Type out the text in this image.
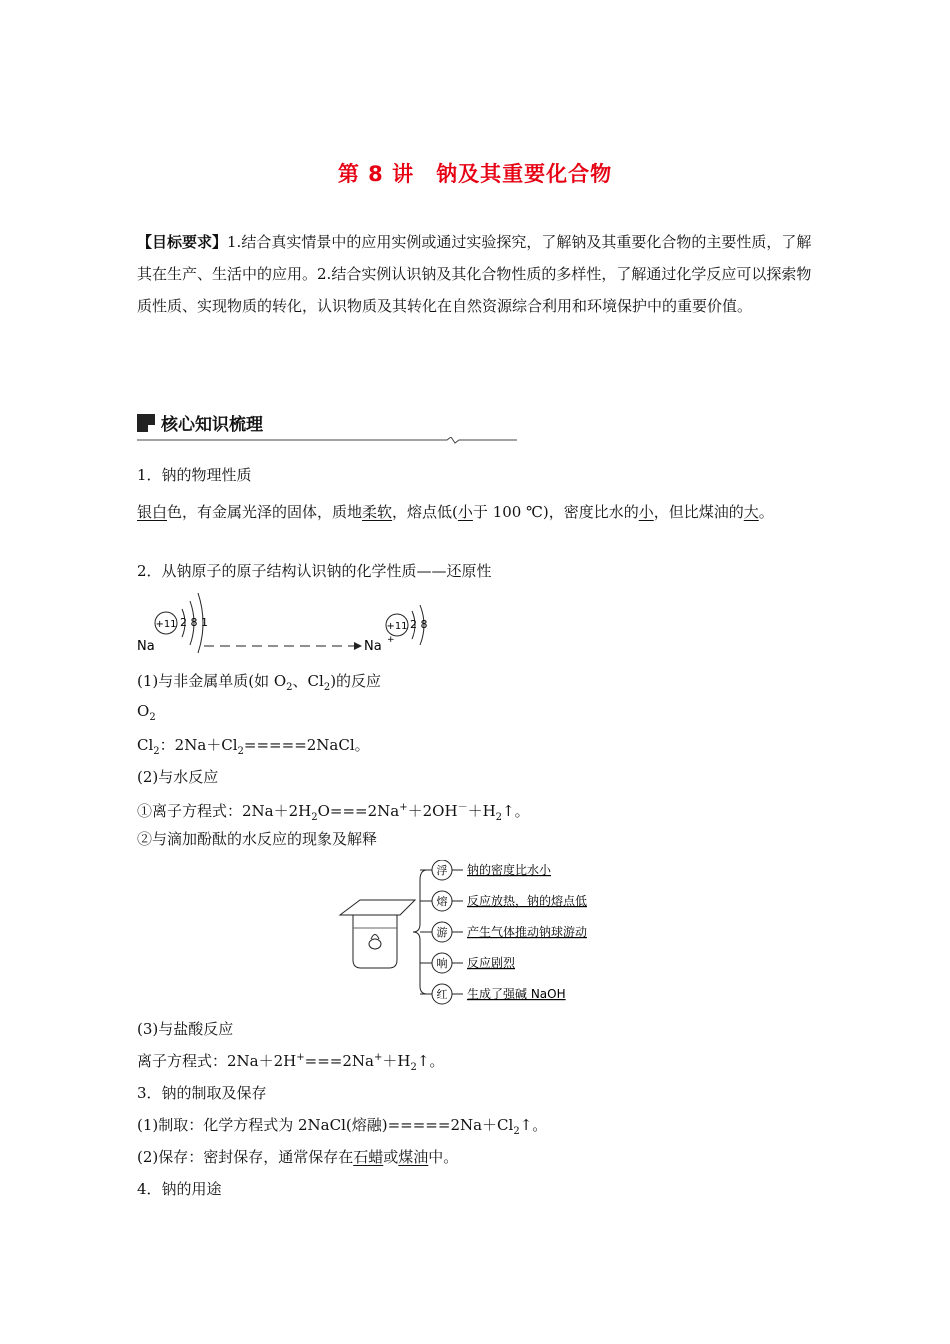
第 8 讲　钠及其重要化合物
【目标要求】1.结合真实情景中的应用实例或通过实验探究，了解钠及其重要化合物的主要性质，了解其在生产、生活中的应用。2.结合实例认识钠及其化合物性质的多样性，了解通过化学反应可以探索物质性质、实现物质的转化，认识物质及其转化在自然资源综合利用和环境保护中的重要价值。
核心知识梳理
1．钠的物理性质
银白色，有金属光泽的固体，质地柔软，熔点低(小于 100 ℃)，密度比水的小，但比煤油的大。
2．从钠原子的原子结构认识钠的化学性质——还原性
+11 2 8 1
Na	Na +
+11 2 8
(1)与非金属单质(如 $O_2$、$Cl_2$)的反应
$O_2$
$Cl_2$：$2Na+Cl_2=====2NaCl$。
(2)与水反应
①离子方程式：$2Na+2H_2O===2Na^++2OH^-+H_2↑$。
②与滴加酚酞的水反应的现象及解释
浮 钠的密度比水小
熔 反应放热，钠的熔点低
游 产生气体推动钠球游动
响 反应剧烈
红 生成了强碱 NaOH
(3)与盐酸反应
离子方程式：$2Na+2H^+===2Na^++H_2↑$。
3．钠的制取及保存
(1)制取：化学方程式为 2NaCl(熔融)$=====2Na+Cl_2↑$。
(2)保存：密封保存，通常保存在石蜡或煤油中。
4．钠的用途
